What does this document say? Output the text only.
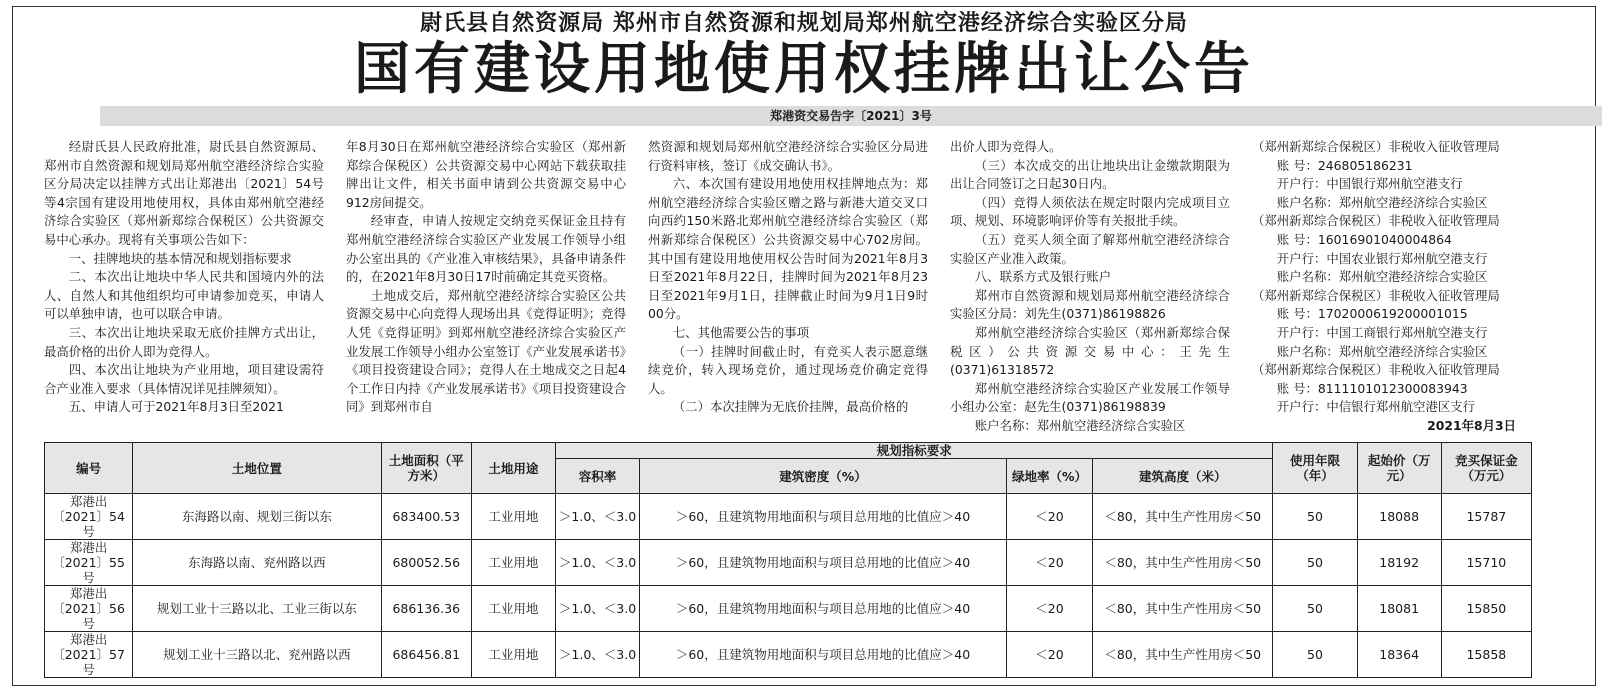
尉氏县自然资源局 郑州市自然资源和规划局郑州航空港经济综合实验区分局
国有建设用地使用权挂牌出让公告
郑港资交易告字〔2021〕3号

经尉氏县人民政府批准，尉氏县自然资源局、郑州市自然资源和规划局郑州航空港经济综合实验区分局决定以挂牌方式出让郑港出〔2021〕54号等4宗国有建设用地使用权，具体由郑州航空港经济综合实验区（郑州新郑综合保税区）公共资源交易中心承办。现将有关事项公告如下：

一、挂牌地块的基本情况和规划指标要求

二、本次出让地块中华人民共和国境内外的法人、自然人和其他组织均可申请参加竞买，申请人可以单独申请，也可以联合申请。

三、本次出让地块采取无底价挂牌方式出让，最高价格的出价人即为竞得人。

四、本次出让地块为产业用地，项目建设需符合产业准入要求（具体情况详见挂牌须知）。

五、申请人可于2021年8月3日至2021

年8月30日在郑州航空港经济综合实验区（郑州新郑综合保税区）公共资源交易中心网站下载获取挂牌出让文件，相关书面申请到公共资源交易中心912房间提交。

经审查，申请人按规定交纳竞买保证金且持有郑州航空港经济综合实验区产业发展工作领导小组办公室出具的《产业准入审核结果》，具备申请条件的，在2021年8月30日17时前确定其竞买资格。

土地成交后，郑州航空港经济综合实验区公共资源交易中心向竞得人现场出具《竞得证明》；竞得人凭《竞得证明》到郑州航空港经济综合实验区产业发展工作领导小组办公室签订《产业发展承诺书》《项目投资建设合同》；竞得人在土地成交之日起4个工作日内持《产业发展承诺书》《项目投资建设合同》到郑州市自

然资源和规划局郑州航空港经济综合实验区分局进行资料审核，签订《成交确认书》。

六、本次国有建设用地使用权挂牌地点为：郑州航空港经济综合实验区赠之路与新港大道交叉口向西约150米路北郑州航空港经济综合实验区（郑州新郑综合保税区）公共资源交易中心702房间。其中国有建设用地使用权公告时间为2021年8月3日至2021年8月22日，挂牌时间为2021年8月23日至2021年9月1日，挂牌截止时间为9月1日9时00分。

七、其他需要公告的事项

（一）挂牌时间截止时，有竞买人表示愿意继续竞价，转入现场竞价，通过现场竞价确定竞得人。

（二）本次挂牌为无底价挂牌，最高价格的

出价人即为竞得人。

（三）本次成交的出让地块出让金缴款期限为出让合同签订之日起30日内。

（四）竞得人须依法在规定时限内完成项目立项、规划、环境影响评价等有关报批手续。

（五）竞买人须全面了解郑州航空港经济综合实验区产业准入政策。

八、联系方式及银行账户

郑州市自然资源和规划局郑州航空港经济综合实验区分局：刘先生(0371)86198826

郑州航空港经济综合实验区（郑州新郑综合保税区）公共资源交易中心：王先生(0371)61318572

郑州航空港经济综合实验区产业发展工作领导小组办公室：赵先生(0371)86198839

账户名称：郑州航空港经济综合实验区

（郑州新郑综合保税区）非税收入征收管理局

账 号：246805186231

开户行：中国银行郑州航空港支行

账户名称：郑州航空港经济综合实验区

（郑州新郑综合保税区）非税收入征收管理局

账 号：16016901040004864

开户行：中国农业银行郑州航空港支行

账户名称：郑州航空港经济综合实验区

（郑州新郑综合保税区）非税收入征收管理局

账 号：1702000619200001015

开户行：中国工商银行郑州航空港支行

账户名称：郑州航空港经济综合实验区

（郑州新郑综合保税区）非税收入征收管理局

账 号：8111101012300083943

开户行：中信银行郑州航空港区支行

2021年8月3日

编号	土地位置	土地面积（平方米）	土地用途	规划指标要求				使用年限（年）	起始价（万元）	竞买保证金（万元）
				容积率	建筑密度（%）	绿地率（%）	建筑高度（米）			
郑港出
〔2021〕54号	东海路以南、规划三街以东	683400.53	工业用地	＞1.0、＜3.0	＞60，且建筑物用地面积与项目总用地的比值应＞40	＜20	＜80，其中生产性用房＜50	50	18088	15787
郑港出
〔2021〕55号	东海路以南、兖州路以西	680052.56	工业用地	＞1.0、＜3.0	＞60，且建筑物用地面积与项目总用地的比值应＞40	＜20	＜80，其中生产性用房＜50	50	18192	15710
郑港出
〔2021〕56号	规划工业十三路以北、工业三街以东	686136.36	工业用地	＞1.0、＜3.0	＞60，且建筑物用地面积与项目总用地的比值应＞40	＜20	＜80，其中生产性用房＜50	50	18081	15850
郑港出
〔2021〕57号	规划工业十三路以北、兖州路以西	686456.81	工业用地	＞1.0、＜3.0	＞60，且建筑物用地面积与项目总用地的比值应＞40	＜20	＜80，其中生产性用房＜50	50	18364	15858
